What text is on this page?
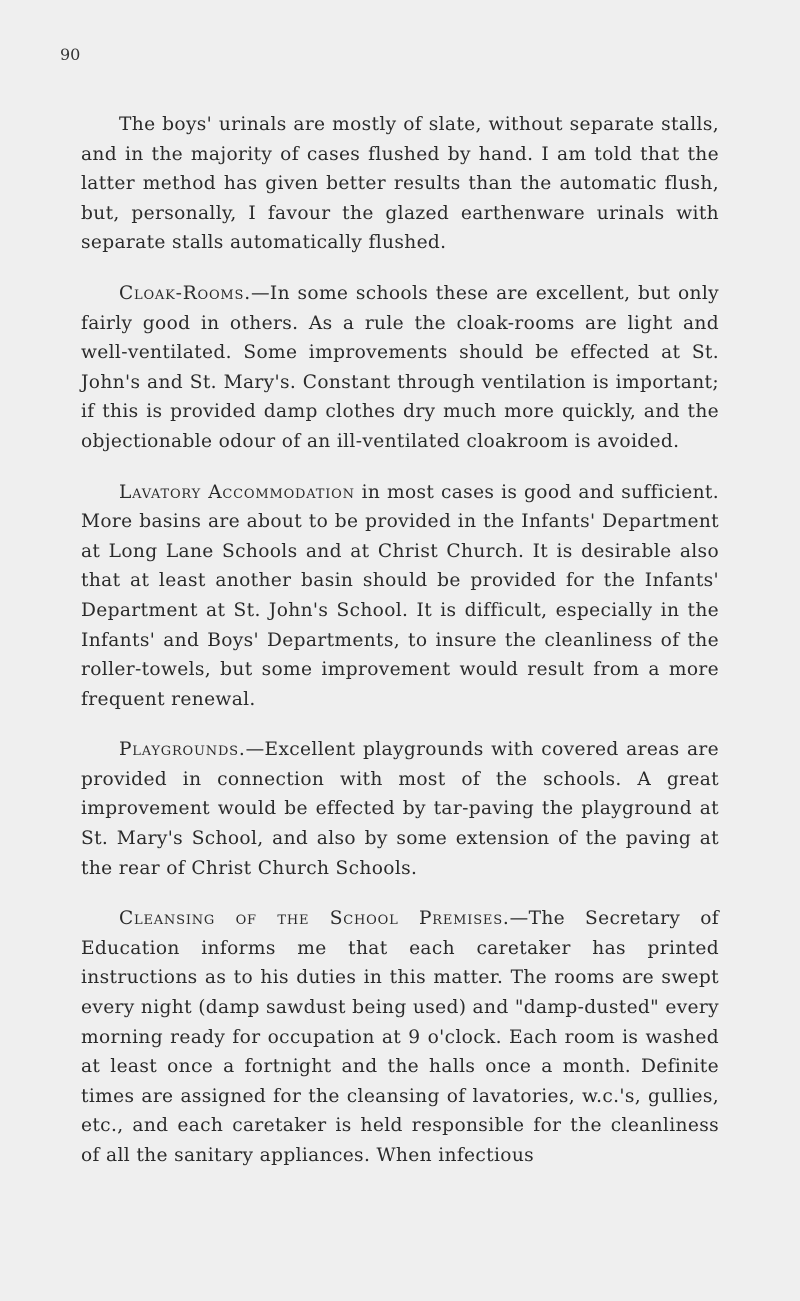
90

The boys' urinals are mostly of slate, without separate stalls, and in the majority of cases flushed by hand. I am told that the latter method has given better results than the automatic flush, but, personally, I favour the glazed earthenware urinals with separate stalls automatically flushed.

Cloak-Rooms.—In some schools these are excellent, but only fairly good in others. As a rule the cloak-rooms are light and well-ventilated. Some improvements should be effected at St. John's and St. Mary's. Constant through ventilation is important; if this is provided damp clothes dry much more quickly, and the objectionable odour of an ill-ventilated cloakroom is avoided.

Lavatory Accommodation in most cases is good and sufficient. More basins are about to be provided in the Infants' Department at Long Lane Schools and at Christ Church. It is desirable also that at least another basin should be provided for the Infants' Department at St. John's School. It is difficult, especially in the Infants' and Boys' Departments, to insure the cleanliness of the roller-towels, but some improvement would result from a more frequent renewal.

Playgrounds.—Excellent playgrounds with covered areas are provided in connection with most of the schools. A great improvement would be effected by tar-paving the playground at St. Mary's School, and also by some extension of the paving at the rear of Christ Church Schools.

Cleansing of the School Premises.—The Secretary of Education informs me that each caretaker has printed instructions as to his duties in this matter. The rooms are swept every night (damp sawdust being used) and "damp-dusted" every morning ready for occupation at 9 o'clock. Each room is washed at least once a fortnight and the halls once a month. Definite times are assigned for the cleansing of lavatories, w.c.'s, gullies, etc., and each caretaker is held responsible for the cleanliness of all the sanitary appliances. When infectious
